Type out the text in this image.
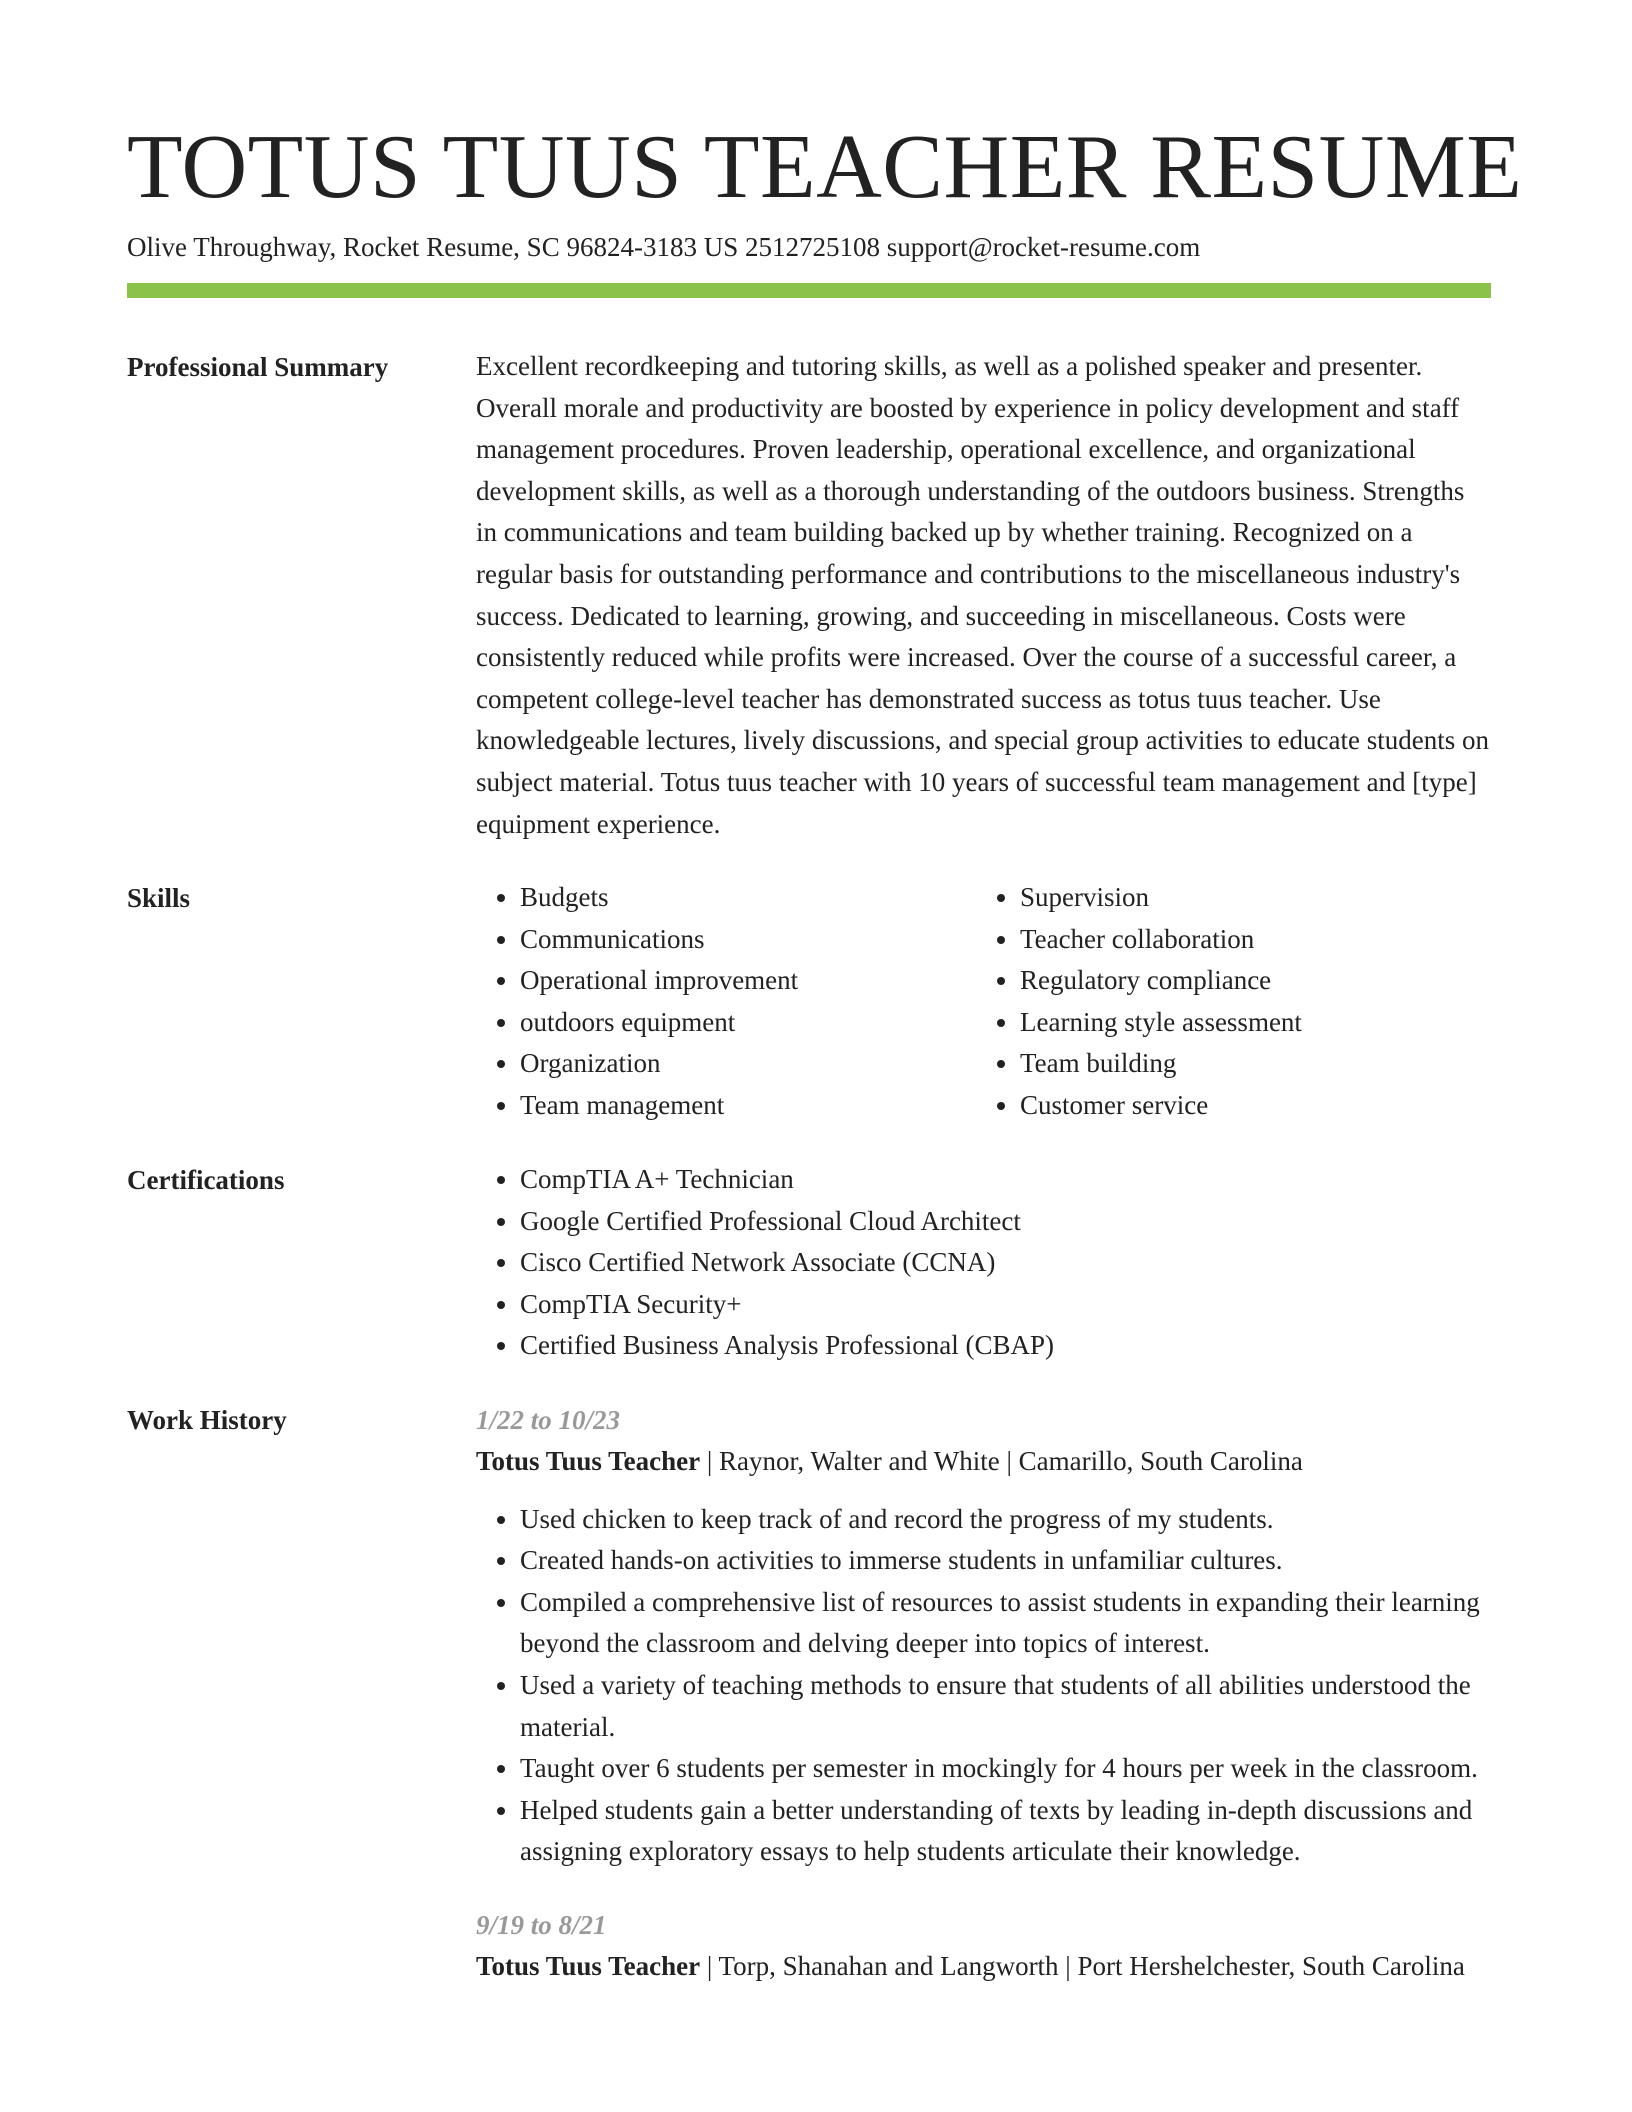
TOTUS TUUS TEACHER RESUME
Olive Throughway, Rocket Resume, SC 96824-3183 US 2512725108 support@rocket-resume.com
Professional Summary	Excellent recordkeeping and tutoring skills, as well as a polished speaker and presenter. Overall morale and productivity are boosted by experience in policy development and staff management procedures. Proven leadership, operational excellence, and organizational development skills, as well as a thorough understanding of the outdoors business. Strengths in communications and team building backed up by whether training. Recognized on a regular basis for outstanding performance and contributions to the miscellaneous industry's success. Dedicated to learning, growing, and succeeding in miscellaneous. Costs were consistently reduced while profits were increased. Over the course of a successful career, a competent college-level teacher has demonstrated success as totus tuus teacher. Use knowledgeable lectures, lively discussions, and special group activities to educate students on subject material. Totus tuus teacher with 10 years of successful team management and [type] equipment experience.

Skills	• Budgets
• Communications
• Operational improvement
• outdoors equipment
• Organization
• Team management
• Supervision
• Teacher collaboration
• Regulatory compliance
• Learning style assessment
• Team building
• Customer service
Certifications	• CompTIA A+ Technician
• Google Certified Professional Cloud Architect
• Cisco Certified Network Associate (CCNA)
• CompTIA Security+
• Certified Business Analysis Professional (CBAP)
Work History	1/22 to 10/23
Totus Tuus Teacher | Raynor, Walter and White | Camarillo, South Carolina
• Used chicken to keep track of and record the progress of my students.
• Created hands-on activities to immerse students in unfamiliar cultures.
• Compiled a comprehensive list of resources to assist students in expanding their learning beyond the classroom and delving deeper into topics of interest.
• Used a variety of teaching methods to ensure that students of all abilities understood the material.
• Taught over 6 students per semester in mockingly for 4 hours per week in the classroom.
• Helped students gain a better understanding of texts by leading in-depth discussions and assigning exploratory essays to help students articulate their knowledge.
9/19 to 8/21
Totus Tuus Teacher | Torp, Shanahan and Langworth | Port Hershelchester, South Carolina
